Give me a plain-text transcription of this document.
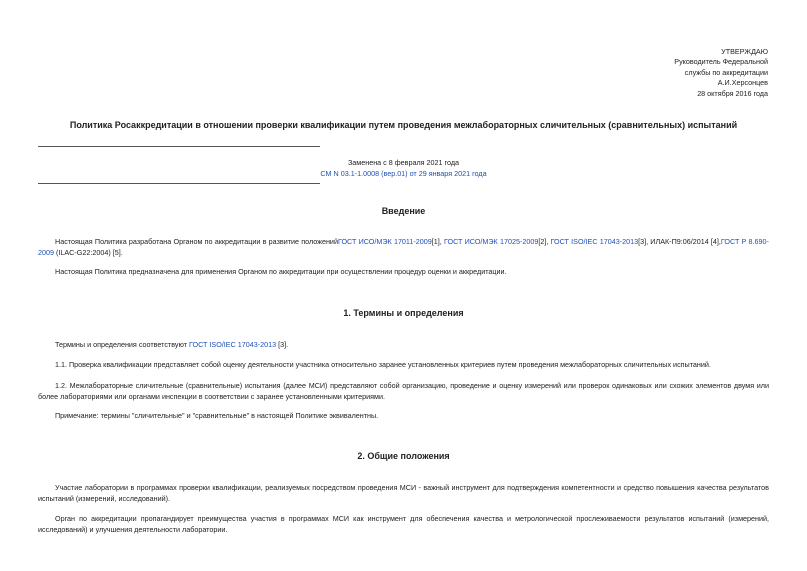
УТВЕРЖДАЮ
Руководитель Федеральной
службы по аккредитации
А.И.Херсонцев
28 октября 2016 года
Политика Росаккредитации в отношении проверки квалификации путем проведения межлабораторных сличительных (сравнительных) испытаний
Заменена с 8 февраля 2021 года
СМ N 03.1-1.0008 (вер.01) от 29 января 2021 года
Введение
Настоящая Политика разработана Органом по аккредитации в развитие положенийГОСТ ИСО/МЭК 17011-2009[1], ГОСТ ИСО/МЭК 17025-2009[2], ГОСТ ISO/IEC 17043-2013[3], ИЛАК-П9:06/2014 [4],ГОСТ Р 8.690-2009 (ILAC-G22:2004) [5].
Настоящая Политика предназначена для применения Органом по аккредитации при осуществлении процедур оценки и аккредитации.
1. Термины и определения
Термины и определения соответствуют ГОСТ ISO/IEC 17043-2013 [3].
1.1. Проверка квалификации представляет собой оценку деятельности участника относительно заранее установленных критериев путем проведения межлабораторных сличительных испытаний.
1.2. Межлабораторные сличительные (сравнительные) испытания (далее МСИ) представляют собой организацию, проведение и оценку измерений или проверок одинаковых или схожих элементов двумя или более лабораториями или органами инспекции в соответствии с заранее установленными критериями.
Примечание: термины "сличительные" и "сравнительные" в настоящей Политике эквивалентны.
2. Общие положения
Участие лаборатории в программах проверки квалификации, реализуемых посредством проведения МСИ - важный инструмент для подтверждения компетентности и средство повышения качества результатов испытаний (измерений, исследований).
Орган по аккредитации пропагандирует преимущества участия в программах МСИ как инструмент для обеспечения качества и метрологической прослеживаемости результатов испытаний (измерений, исследований) и улучшения деятельности лаборатории.
